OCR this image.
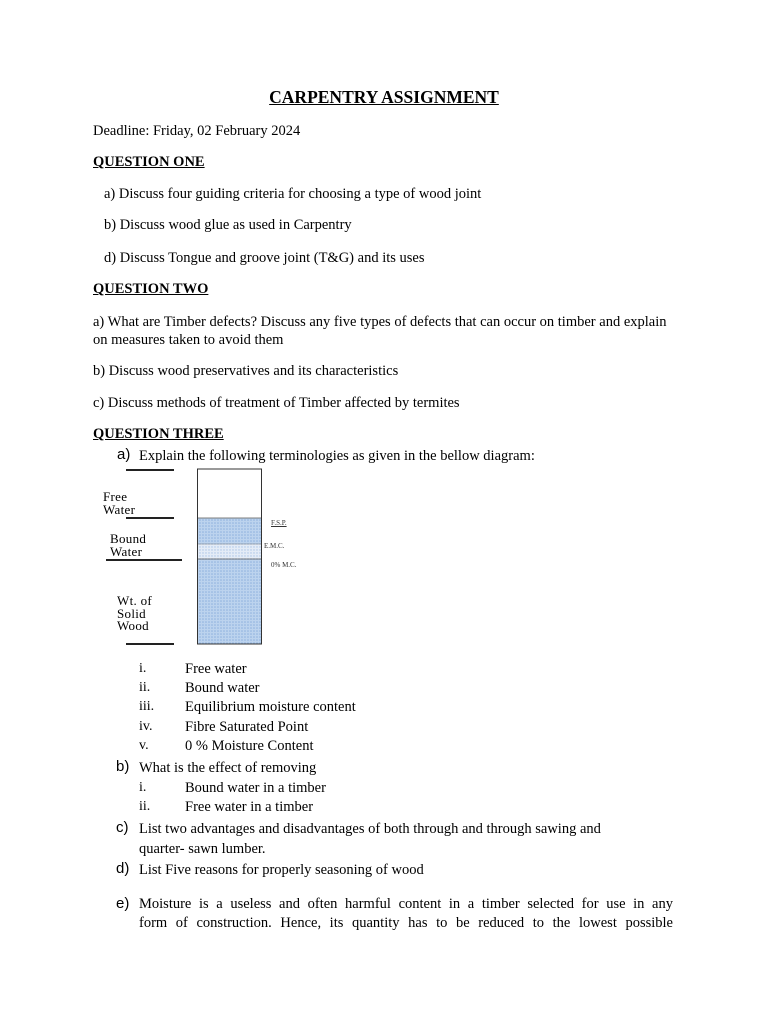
CARPENTRY ASSIGNMENT
Deadline: Friday, 02 February 2024
QUESTION ONE
a) Discuss four guiding criteria for choosing a type of wood joint
b) Discuss wood glue as used in Carpentry
d) Discuss Tongue and groove joint (T&G) and its uses
QUESTION TWO
a) What are Timber defects? Discuss any five types of defects that can occur on timber and explain on measures taken to avoid them
b) Discuss wood preservatives and its characteristics
c) Discuss methods of treatment of Timber affected by termites
QUESTION THREE
a) Explain the following terminologies as given in the bellow diagram:
Free
Water
Bound
Water
Wt. of
Solid
Wood
F.S.P.
E.M.C.
0% M.C.
i.	Free water
ii. Bound water
iii. Equilibrium moisture content
iv. Fibre Saturated Point
v.	0 % Moisture Content
b) What is the effect of removing
i.	Bound water in a timber
ii. Free water in a timber
c) List two advantages and disadvantages of both through and through sawing and
quarter- sawn lumber.
d) List Five reasons for properly seasoning of wood
e) Moisture is a useless and often harmful content in a timber selected for use in any
form of construction. Hence, its quantity has to be reduced to the lowest possible
